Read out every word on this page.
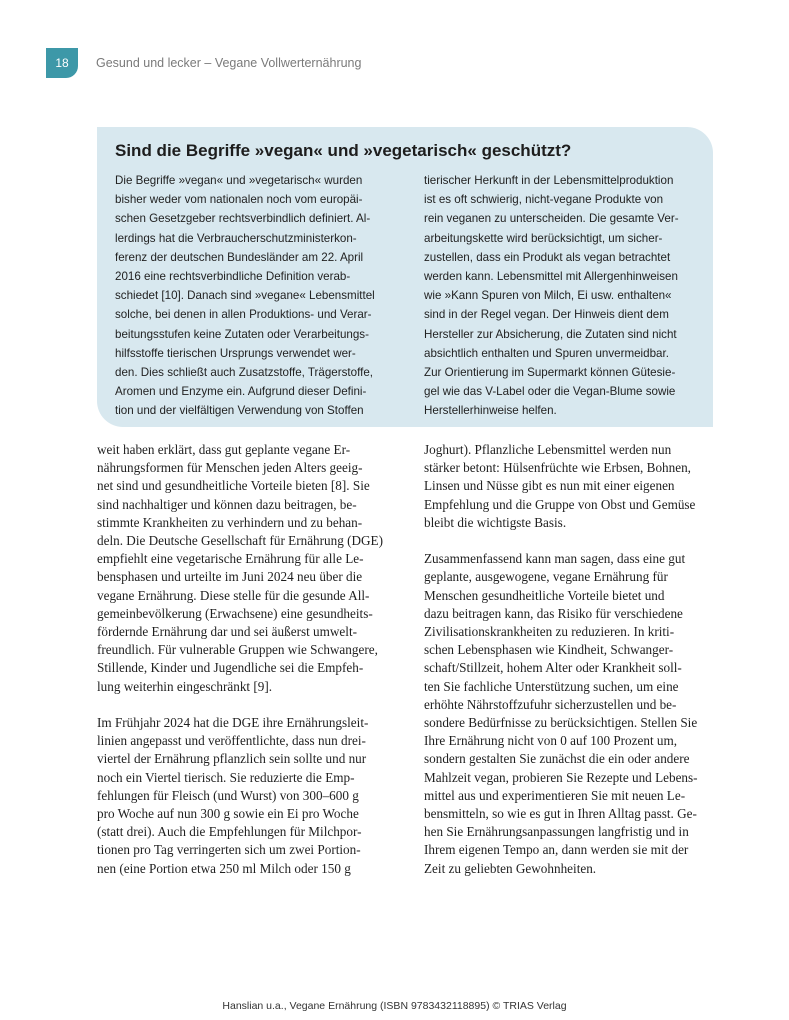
18	Gesund und lecker – Vegane Vollwerternährung
Sind die Begriffe »vegan« und »vegetarisch« geschützt?
Die Begriffe »vegan« und »vegetarisch« wurden
bisher weder vom nationalen noch vom europäi-
schen Gesetzgeber rechtsverbindlich definiert. Al-
lerdings hat die Verbraucherschutzministerkon-
ferenz der deutschen Bundesländer am 22. April
2016 eine rechtsverbindliche Definition verab-
schiedet [10]. Danach sind »vegane« Lebensmittel
solche, bei denen in allen Produktions- und Verar-
beitungsstufen keine Zutaten oder Verarbeitungs-
hilfsstoffe tierischen Ursprungs verwendet wer-
den. Dies schließt auch Zusatzstoffe, Trägerstoffe,
Aromen und Enzyme ein. Aufgrund dieser Defini-
tion und der vielfältigen Verwendung von Stoffen
tierischer Herkunft in der Lebensmittelproduktion
ist es oft schwierig, nicht-vegane Produkte von
rein veganen zu unterscheiden. Die gesamte Ver-
arbeitungskette wird berücksichtigt, um sicher-
zustellen, dass ein Produkt als vegan betrachtet
werden kann. Lebensmittel mit Allergenhinweisen
wie »Kann Spuren von Milch, Ei usw. enthalten«
sind in der Regel vegan. Der Hinweis dient dem
Hersteller zur Absicherung, die Zutaten sind nicht
absichtlich enthalten und Spuren unvermeidbar.
Zur Orientierung im Supermarkt können Gütesie-
gel wie das V-Label oder die Vegan-Blume sowie
Herstellerhinweise helfen.
weit haben erklärt, dass gut geplante vegane Er-
nährungsformen für Menschen jeden Alters geeig-
net sind und gesundheitliche Vorteile bieten [8]. Sie
sind nachhaltiger und können dazu beitragen, be-
stimmte Krankheiten zu verhindern und zu behan-
deln. Die Deutsche Gesellschaft für Ernährung (DGE)
empfiehlt eine vegetarische Ernährung für alle Le-
bensphasen und urteilte im Juni 2024 neu über die
vegane Ernährung. Diese stelle für die gesunde All-
gemeinbevölkerung (Erwachsene) eine gesundheits-
fördernde Ernährung dar und sei äußerst umwelt-
freundlich. Für vulnerable Gruppen wie Schwangere,
Stillende, Kinder und Jugendliche sei die Empfeh-
lung weiterhin eingeschränkt [9].
Im Frühjahr 2024 hat die DGE ihre Ernährungsleit-
linien angepasst und veröffentlichte, dass nun drei-
viertel der Ernährung pflanzlich sein sollte und nur
noch ein Viertel tierisch. Sie reduzierte die Emp-
fehlungen für Fleisch (und Wurst) von 300–600 g
pro Woche auf nun 300 g sowie ein Ei pro Woche
(statt drei). Auch die Empfehlungen für Milchpor-
tionen pro Tag verringerten sich um zwei Portion-
nen (eine Portion etwa 250 ml Milch oder 150 g
Joghurt). Pflanzliche Lebensmittel werden nun
stärker betont: Hülsenfrüchte wie Erbsen, Bohnen,
Linsen und Nüsse gibt es nun mit einer eigenen
Empfehlung und die Gruppe von Obst und Gemüse
bleibt die wichtigste Basis.
Zusammenfassend kann man sagen, dass eine gut
geplante, ausgewogene, vegane Ernährung für
Menschen gesundheitliche Vorteile bietet und
dazu beitragen kann, das Risiko für verschiedene
Zivilisationskrankheiten zu reduzieren. In kriti-
schen Lebensphasen wie Kindheit, Schwanger-
schaft/Stillzeit, hohem Alter oder Krankheit soll-
ten Sie fachliche Unterstützung suchen, um eine
erhöhte Nährstoffzufuhr sicherzustellen und be-
sondere Bedürfnisse zu berücksichtigen. Stellen Sie
Ihre Ernährung nicht von 0 auf 100 Prozent um,
sondern gestalten Sie zunächst die ein oder andere
Mahlzeit vegan, probieren Sie Rezepte und Lebens-
mittel aus und experimentieren Sie mit neuen Le-
bensmitteln, so wie es gut in Ihren Alltag passt. Ge-
hen Sie Ernährungsanpassungen langfristig und in
Ihrem eigenen Tempo an, dann werden sie mit der
Zeit zu geliebten Gewohnheiten.
Hanslian u.a., Vegane Ernährung (ISBN 9783432118895) © TRIAS Verlag
